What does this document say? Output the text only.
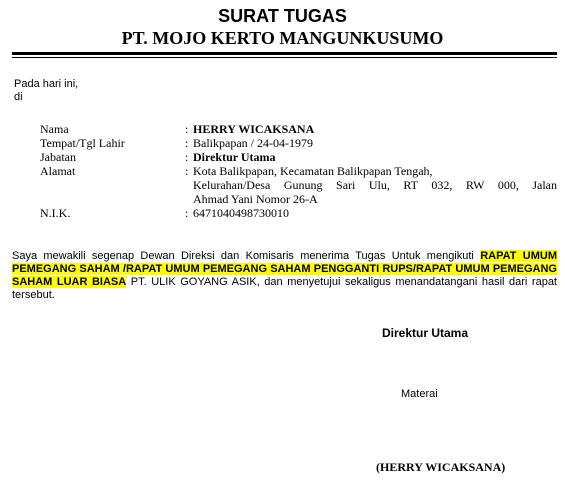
SURAT TUGAS
PT. MOJO KERTO MANGUNKUSUMO
Pada hari ini,
di
Nama	: HERRY WICAKSANA
Tempat/Tgl Lahir	: Balikpapan / 24-04-1979
Jabatan	: Direktur Utama
Alamat	: Kota Balikpapan, Kecamatan Balikpapan Tengah,
Kelurahan/Desa Gunung Sari Ulu, RT 032, RW 000, Jalan
Ahmad Yani Nomor 26-A
N.I.K.	: 6471040498730010
Saya mewakili segenap Dewan Direksi dan Komisaris menerima Tugas Untuk mengikuti RAPAT UMUM PEMEGANG SAHAM /RAPAT UMUM PEMEGANG SAHAM PENGGANTI RUPS/RAPAT UMUM PEMEGANG SAHAM LUAR BIASA PT. ULIK GOYANG ASIK, dan menyetujui sekaligus menandatangani hasil dari rapat tersebut.
Direktur Utama
Materai
(HERRY WICAKSANA)
